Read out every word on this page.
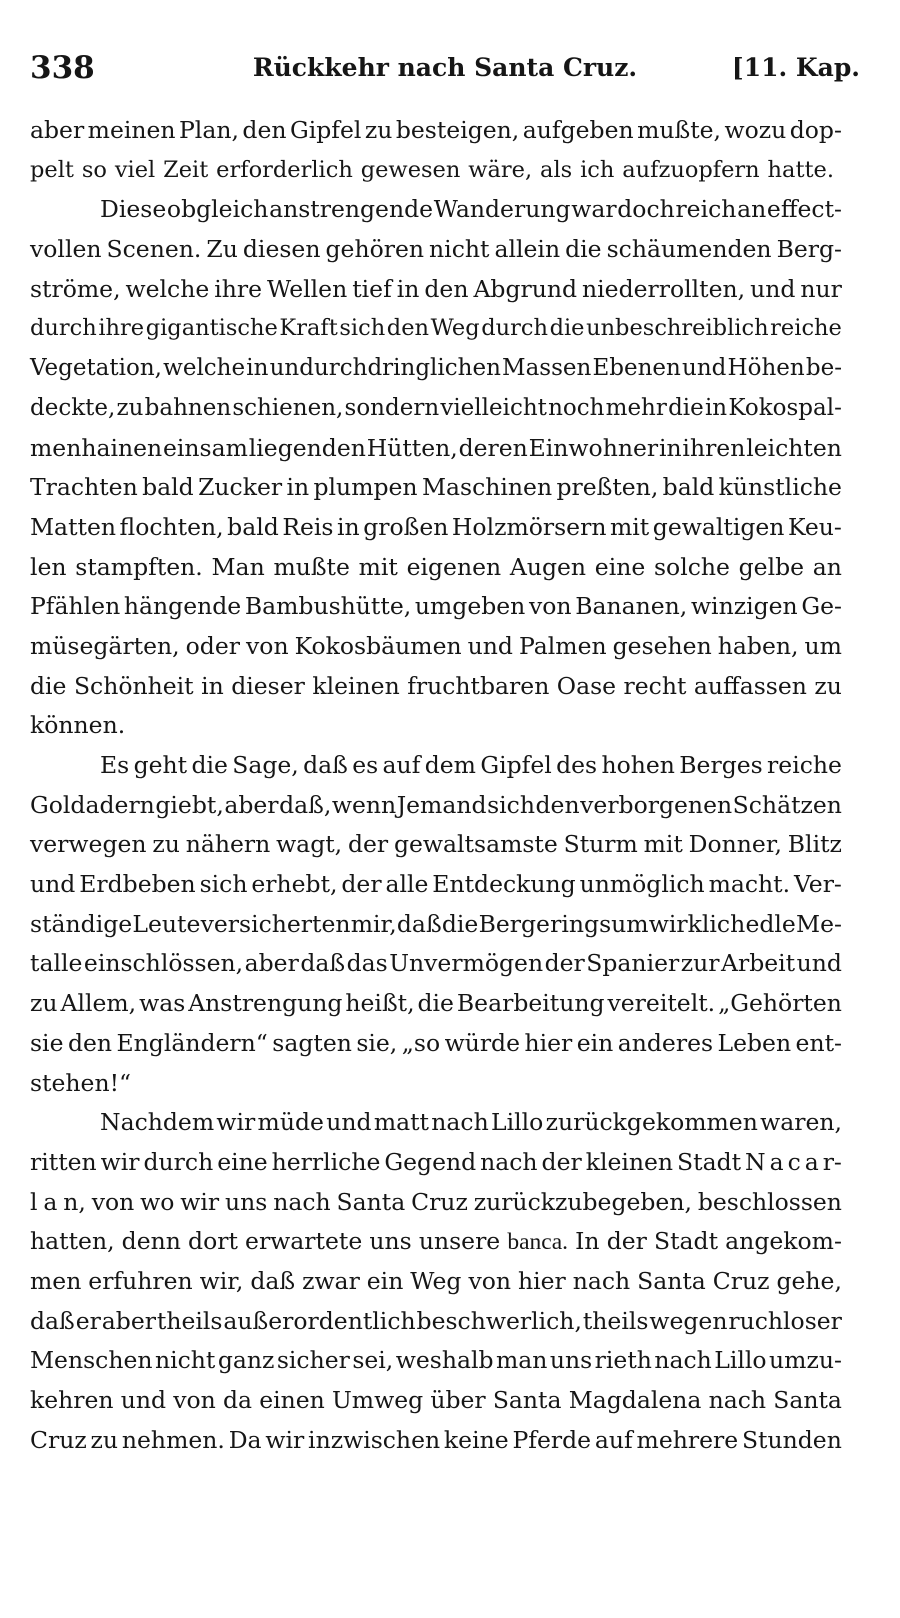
338	Rückkehr nach Santa Cruz.	[11. Kap.
aber meinen Plan, den Gipfel zu besteigen, aufgeben mußte, wozu dop-
pelt so viel Zeit erforderlich gewesen wäre, als ich aufzuopfern hatte.
Diese obgleich anstrengende Wanderung war doch reich an effect-
vollen Scenen. Zu diesen gehören nicht allein die schäumenden Berg-
ströme, welche ihre Wellen tief in den Abgrund niederrollten, und nur
durch ihre gigantische Kraft sich den Weg durch die unbeschreiblich reiche
Vegetation, welche in undurchdringlichen Massen Ebenen und Höhen be-
deckte, zu bahnen schienen, sondern vielleicht noch mehr die in Kokospal-
menhainen einsam liegenden Hütten, deren Einwohner in ihren leichten
Trachten bald Zucker in plumpen Maschinen preßten, bald künstliche
Matten flochten, bald Reis in großen Holzmörsern mit gewaltigen Keu-
len stampften. Man mußte mit eigenen Augen eine solche gelbe an
Pfählen hängende Bambushütte, umgeben von Bananen, winzigen Ge-
müsegärten, oder von Kokosbäumen und Palmen gesehen haben, um
die Schönheit in dieser kleinen fruchtbaren Oase recht auffassen zu
können.
Es geht die Sage, daß es auf dem Gipfel des hohen Berges reiche
Goldadern giebt, aber daß, wenn Jemand sich den verborgenen Schätzen
verwegen zu nähern wagt, der gewaltsamste Sturm mit Donner, Blitz
und Erdbeben sich erhebt, der alle Entdeckung unmöglich macht. Ver-
ständige Leute versicherten mir, daß die Berge ringsum wirklich edle Me-
talle einschlössen, aber daß das Unvermögen der Spanier zur Arbeit und
zu Allem, was Anstrengung heißt, die Bearbeitung vereitelt. „Gehörten
sie den Engländern“ sagten sie, „so würde hier ein anderes Leben ent-
stehen!“
Nachdem wir müde und matt nach Lillo zurückgekommen waren,
ritten wir durch eine herrliche Gegend nach der kleinen Stadt N a c a r-
l a n, von wo wir uns nach Santa Cruz zurückzubegeben, beschlossen
hatten, denn dort erwartete uns unsere banca. In der Stadt angekom-
men erfuhren wir, daß zwar ein Weg von hier nach Santa Cruz gehe,
daß er aber theils außerordentlich beschwerlich, theils wegen ruchloser
Menschen nicht ganz sicher sei, weshalb man uns rieth nach Lillo umzu-
kehren und von da einen Umweg über Santa Magdalena nach Santa
Cruz zu nehmen. Da wir inzwischen keine Pferde auf mehrere Stunden
